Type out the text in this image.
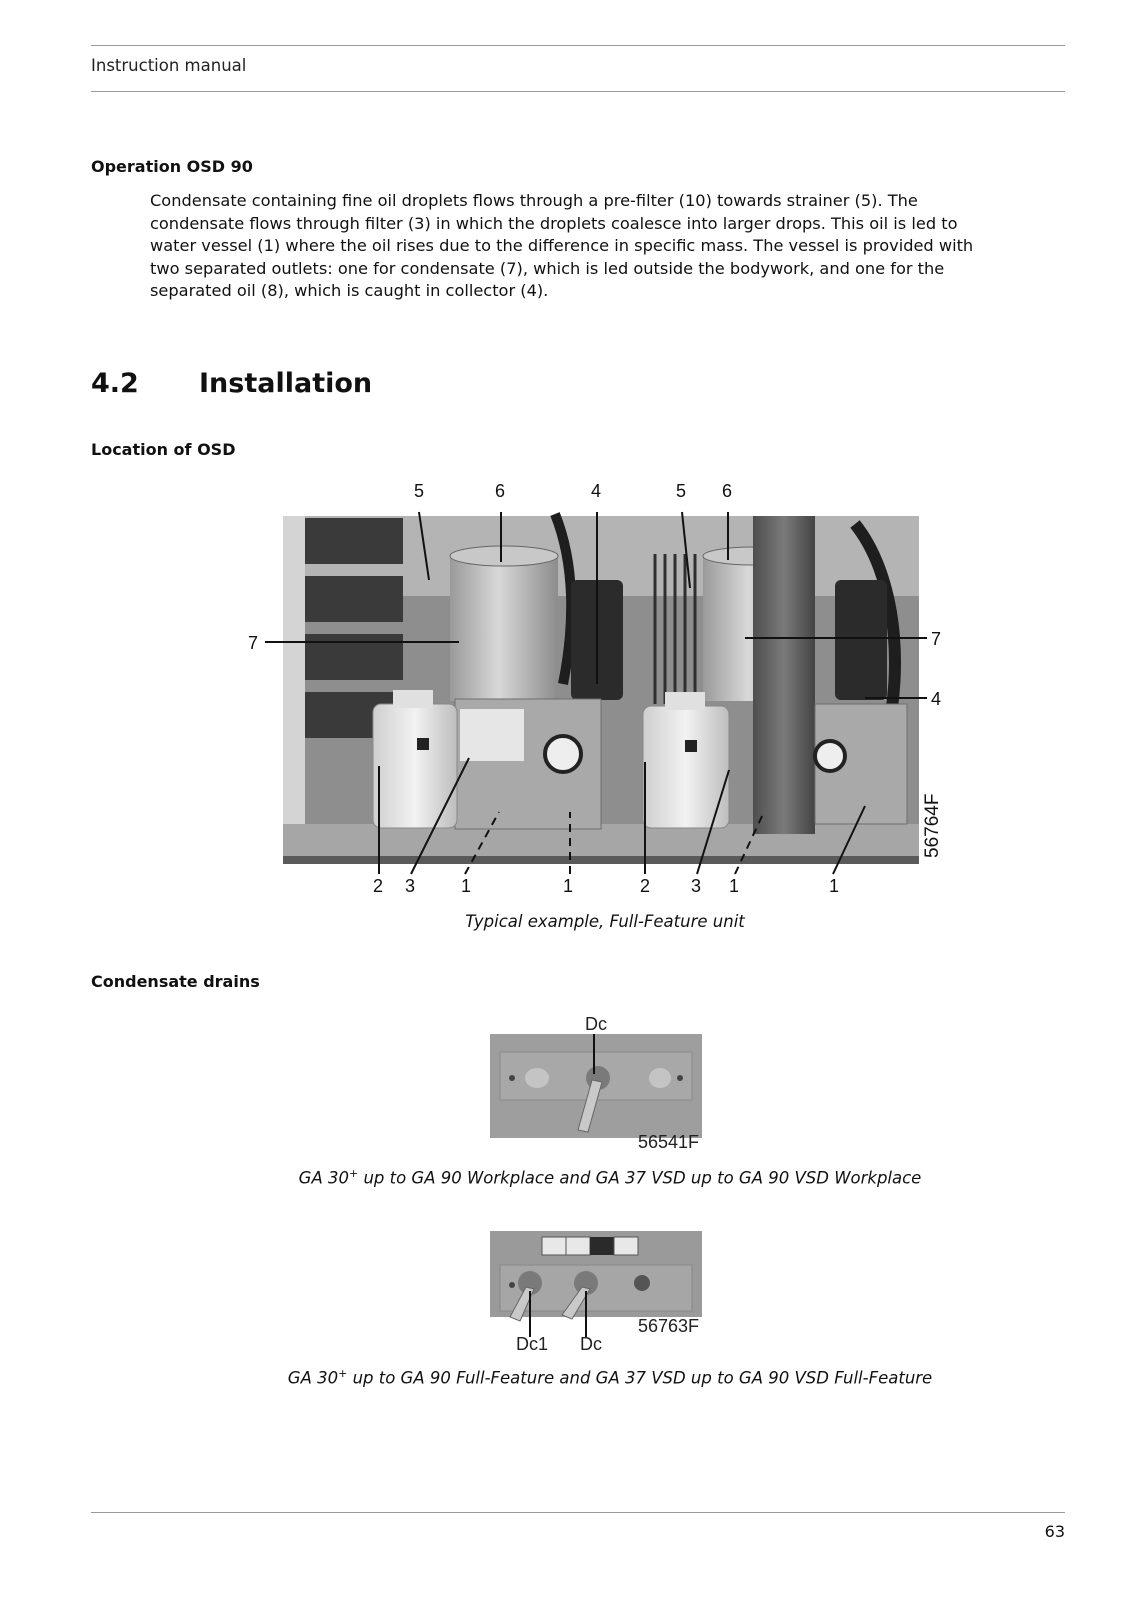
Instruction manual
Operation OSD 90
Condensate containing fine oil droplets flows through a pre-filter (10) towards strainer (5). The
condensate flows through filter (3) in which the droplets coalesce into larger drops. This oil is led to
water vessel (1) where the oil rises due to the difference in specific mass. The vessel is provided with
two separated outlets: one for condensate (7), which is led outside the bodywork, and one for the
separated oil (8), which is caught in collector (4).
4.2 Installation
Location of OSD
56764F
5	6	4	5 6
7	7
4
2 3	1	1	2 3 1	1
Typical example, Full-Feature unit
Condensate drains
Dc
56541F
GA 30+ up to GA 90 Workplace and GA 37 VSD up to GA 90 VSD Workplace
56763F
Dc1 Dc
GA 30+ up to GA 90 Full-Feature and GA 37 VSD up to GA 90 VSD Full-Feature
63
